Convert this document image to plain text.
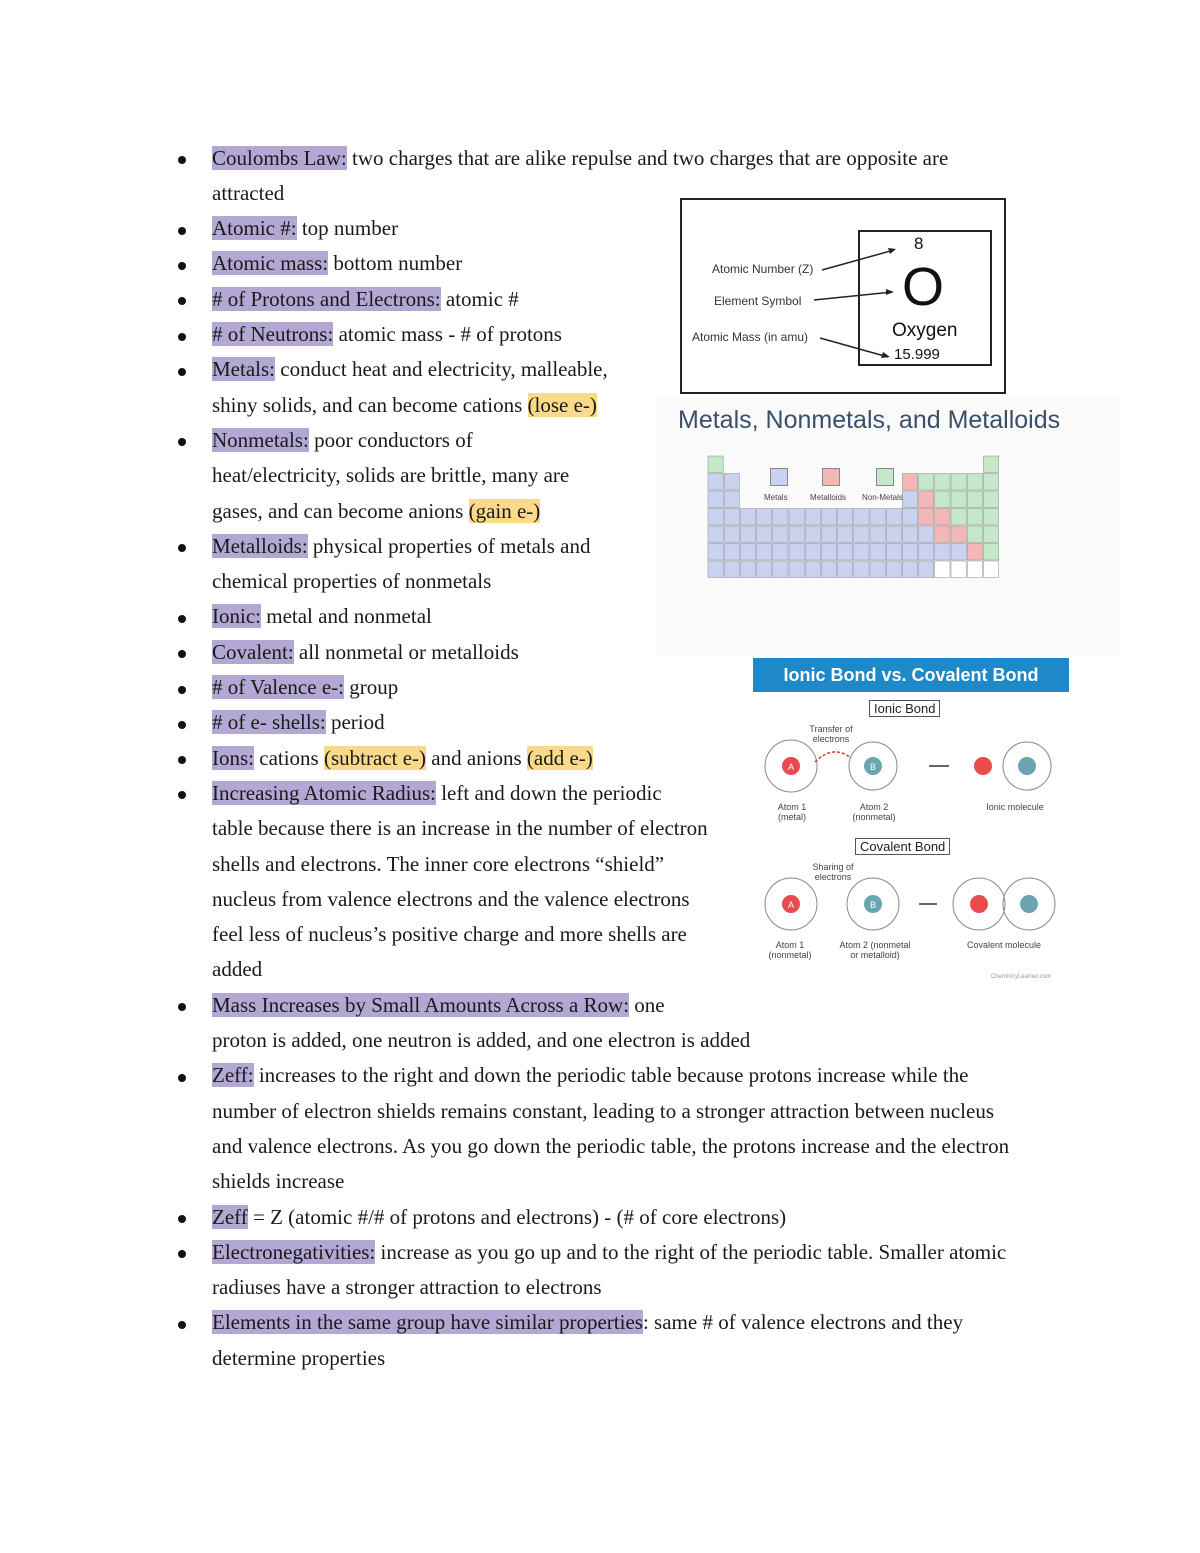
Coulombs Law: two charges that are alike repulse and two charges that are opposite are
attracted
Atomic #: top number
Atomic mass: bottom number
# of Protons and Electrons: atomic #
# of Neutrons: atomic mass - # of protons
Metals: conduct heat and electricity, malleable,
shiny solids, and can become cations (lose e-)
Nonmetals: poor conductors of
heat/electricity, solids are brittle, many are
gases, and can become anions (gain e-)
Metalloids: physical properties of metals and
chemical properties of nonmetals
Ionic: metal and nonmetal
Covalent: all nonmetal or metalloids
# of Valence e-: group
# of e- shells: period
Ions: cations (subtract e-) and anions (add e-)
Increasing Atomic Radius: left and down the periodic
table because there is an increase in the number of electron
shells and electrons. The inner core electrons “shield”
nucleus from valence electrons and the valence electrons
feel less of nucleus’s positive charge and more shells are
added
Mass Increases by Small Amounts Across a Row: one
proton is added, one neutron is added, and one electron is added
Zeff: increases to the right and down the periodic table because protons increase while the
number of electron shields remains constant, leading to a stronger attraction between nucleus
and valence electrons. As you go down the periodic table, the protons increase and the electron
shields increase
Zeff = Z (atomic #/# of protons and electrons) - (# of core electrons)
Electronegativities: increase as you go up and to the right of the periodic table. Smaller atomic
radiuses have a stronger attraction to electrons
Elements in the same group have similar properties: same # of valence electrons and they
determine properties
Atomic Number (Z)
Element Symbol
Atomic Mass (in amu)
8
O
Oxygen
15.999
Metals, Nonmetals, and Metalloids
Metals	Metalloids Non-Metals
Ionic Bond vs. Covalent Bond
A	B
A	B
Ionic Bond
Transfer of electrons
Atom 1 (metal)
Atom 2 (nonmetal)
Ionic molecule
Covalent Bond
Sharing of electrons
Atom 1 (nonmetal)
Atom 2 (nonmetal or metalloid)
Covalent molecule
ChemistryLearner.com
